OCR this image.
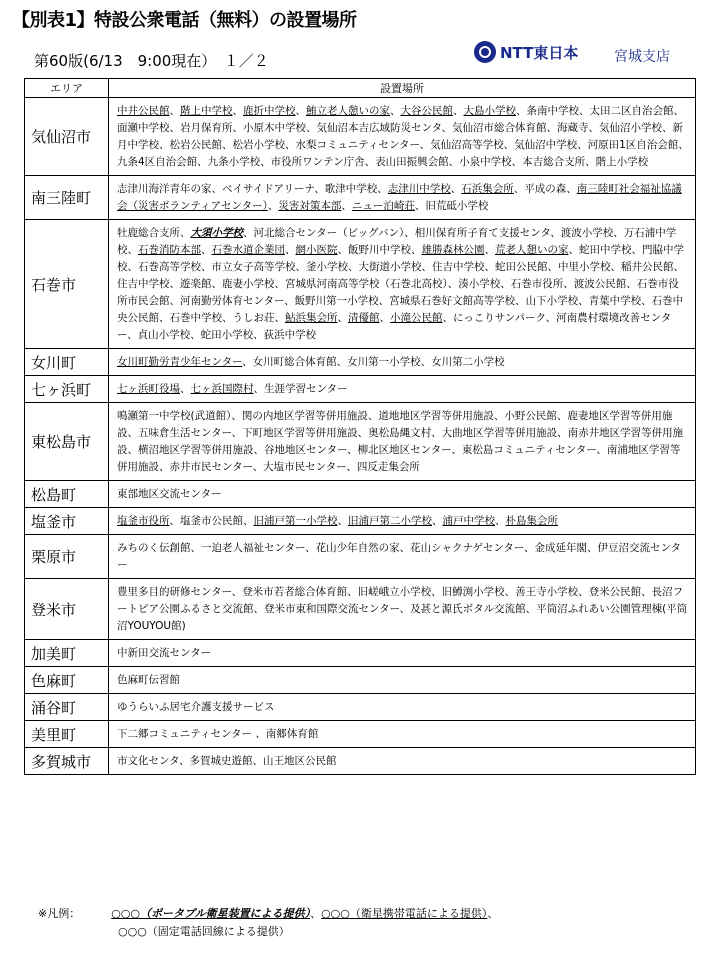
【別表1】特設公衆電話（無料）の設置場所
第60版(6/13　9:00現在）　１／２	NTT東日本	宮城支店
エリア	設置場所
気仙沼市	中井公民館、階上中学校、鹿折中学校、鮪立老人憩いの家、大谷公民館、大島小学校、条南中学校、太田二区自治会館、面瀬中学校、岩月保育所、小原木中学校、気仙沼本吉広域防災センタ、気仙沼市総合体育館、海蔵寺、気仙沼小学校、新月中学校、松岩公民館、松岩小学校、水梨コミュニティセンター、気仙沼高等学校、気仙沼中学校、河原田1区自治会館、九条4区自治会館、九条小学校、市役所ワンテン庁舎、表山田振興会館、小泉中学校、本吉総合支所、階上小学校
南三陸町	志津川海洋青年の家、ベイサイドアリーナ、歌津中学校、志津川中学校、石浜集会所、平成の森、南三陸町社会福祉協議会（災害ボランティアセンター）、災害対策本部、ニュー泊崎荘、旧荒砥小学校
石巻市	牡鹿総合支所、大須小学校、河北総合センター（ビッグバン）、相川保育所子育て支援センタ、渡波小学校、万石浦中学校、石巻消防本部、石巻水道企業団、網小医院、飯野川中学校、雄勝森林公園、荒老人憩いの家、蛇田中学校、門脇中学校、石巻高等学校、市立女子高等学校、釜小学校、大街道小学校、住吉中学校、蛇田公民館、中里小学校、稲井公民館、住吉中学校、遊楽館、鹿妻小学校、宮城県河南高等学校（石巻北高校）、湊小学校、石巻市役所、渡波公民館、石巻市役所市民会館、河南勤労体育センター、飯野川第一小学校、宮城県石巻好文館高等学校、山下小学校、青葉中学校、石巻中央公民館、石巻中学校、うしお荘、鮎浜集会所、清優館、小滝公民館、にっこりサンパーク、河南農村環境改善センター、貞山小学校、蛇田小学校、荻浜中学校
女川町	女川町勤労青少年センター、女川町総合体育館、女川第一小学校、女川第二小学校
七ヶ浜町	七ヶ浜町役場、七ヶ浜国際村、生涯学習センター
東松島市	鳴瀬第一中学校(武道館）、関の内地区学習等併用施設、道地地区学習等併用施設、小野公民館、鹿妻地区学習等併用施設、五味倉生活センター、下町地区学習等併用施設、奥松島縄文村、大曲地区学習等併用施設、南赤井地区学習等併用施設、横沼地区学習等併用施設、谷地地区センター、柳北区地区センター、東松島コミュニティセンター、南浦地区学習等併用施設、赤井市民センター、大塩市民センター、四反走集会所
松島町	東部地区交流センター
塩釜市	塩釜市役所、塩釜市公民館、旧浦戸第一小学校、旧浦戸第二小学校、浦戸中学校、朴島集会所
栗原市	みちのく伝創館、一迫老人福祉センター、花山少年自然の家、花山シャクナゲセンター、金成延年閣、伊豆沼交流センター
登米市	豊里多目的研修センター、登米市若者総合体育館、旧嵯峨立小学校、旧鱒渕小学校、善王寺小学校、登米公民館、長沼フートピア公園ふるさと交流館、登米市東和国際交流センター、及甚と源氏ボタル交流館、平筒沼ふれあい公園管理棟(平筒沼YOUYOU館)
加美町	中新田交流センター
色麻町	色麻町伝習館
涌谷町	ゆうらいふ居宅介護支援サービス
美里町	下二郷コミュニティセンター 、南郷体育館
多賀城市	市文化センタ、多賀城史遊館、山王地区公民館
※凡例：	○○○（ポータブル衛星装置による提供）、○○○（衛星携帯電話による提供）、
○○○（固定電話回線による提供）
